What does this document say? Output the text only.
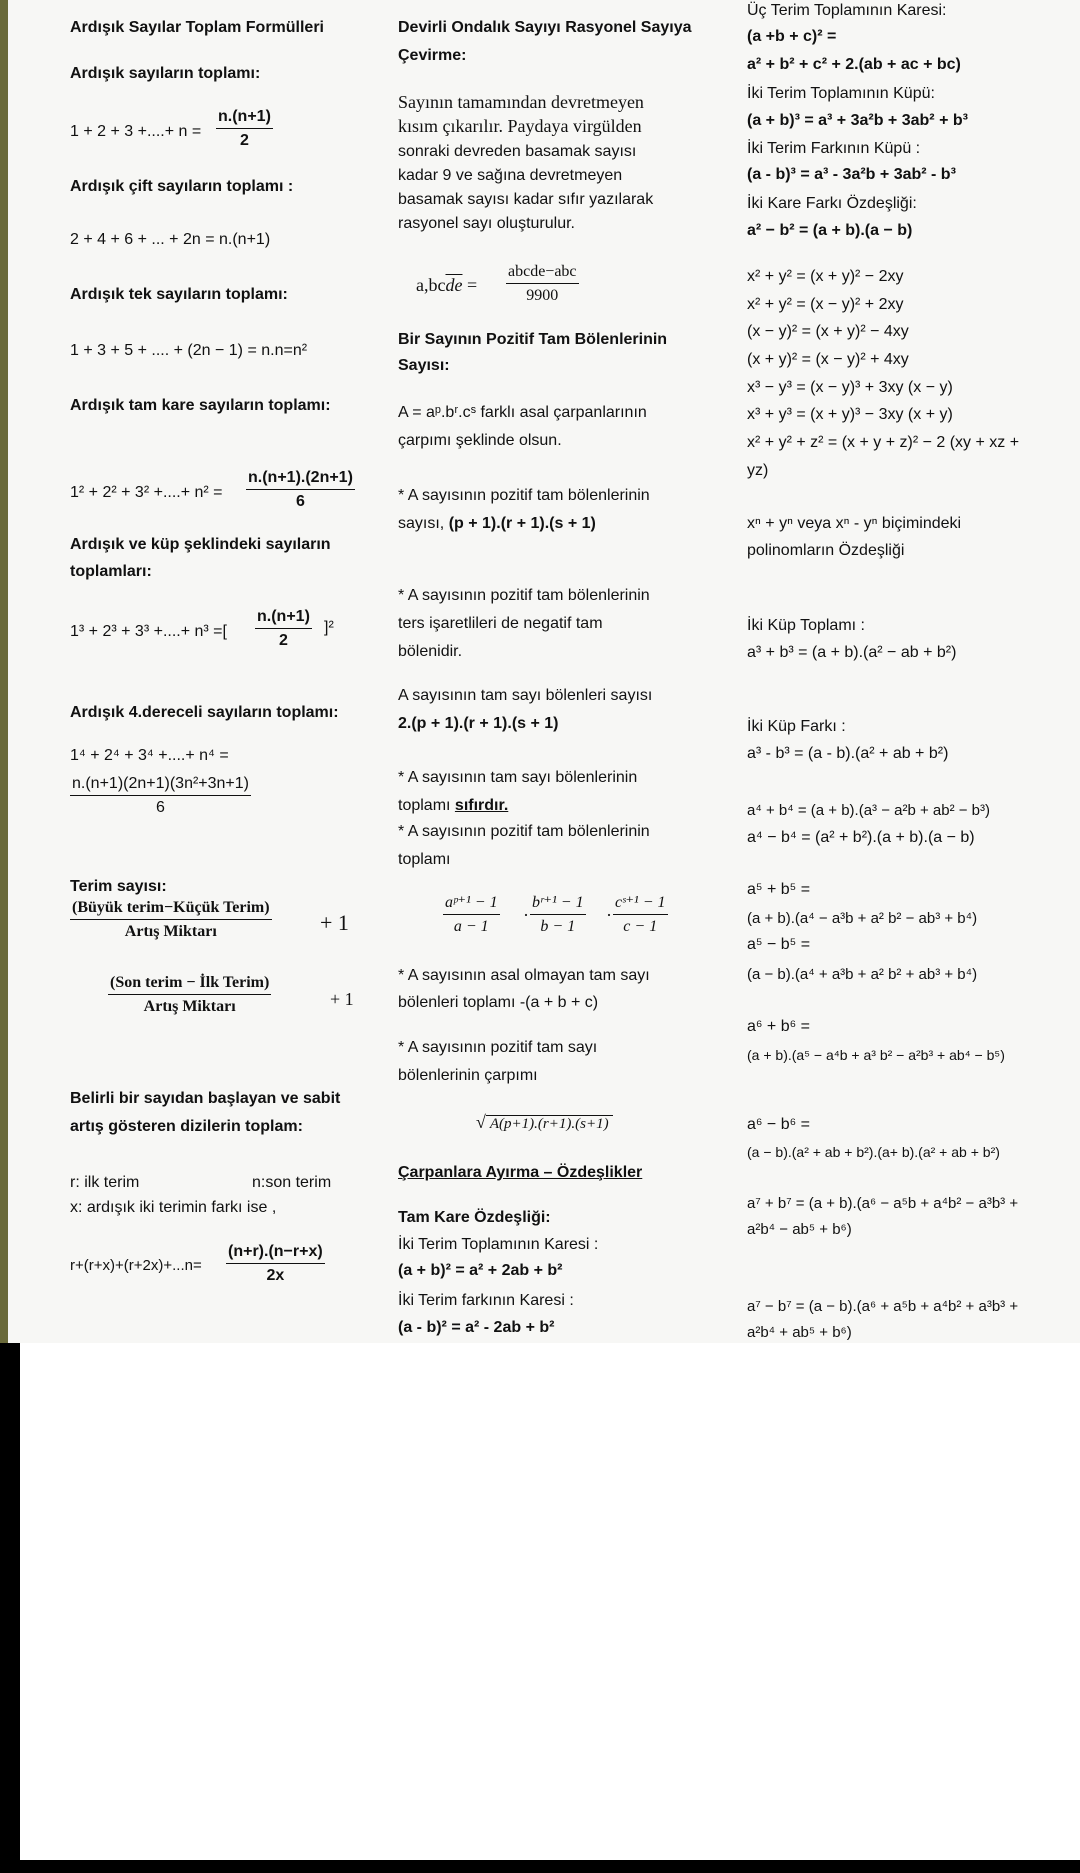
Ardışık Sayılar Toplam Formülleri
Ardışık sayıların toplamı:
1 + 2 + 3 +....+ $n = \frac{n.(n+1)}{2}$
Ardışık çift sayıların toplamı :
2 + 4 + 6 + ... + 2n = n.(n+1)
Ardışık tek sayıların toplamı:
1 + 3 + 5 + .... + (2n − 1) = n.n=n²
Ardışık tam kare sayıların toplamı:
1² + 2² + 3² +....+ $n^2 = \frac{n.(n+1).(2n+1)}{6}$
Ardışık ve küp şeklindeki sayıların
toplamları:
1³ + 2³ + 3³ +....+ n³ =[ $\frac{n.(n+1)}{2} ]^2$
Ardışık 4.dereceli sayıların toplamı:
1⁴ + 2⁴ + 3⁴ +....+ n⁴ =
$\frac{\text{n.(n+1)(2n+1)(3n²+3n+1)}}{6}$
Terim sayısı:
(Büyük terim−Küçük Terim)
Artış Miktarı	+ 1
(Son terim − İlk Terim)
Artış Miktarı	+ 1
Belirli bir sayıdan başlayan ve sabit
artış gösteren dizilerin toplam:
r: ilk terim	n:son terim
x: ardışık iki terimin farkı ise ,
$r+(r+x)+(r+2x)+...n= \frac{(n+r).(n-r+x)}{2x}$
Devirli Ondalık Sayıyı Rasyonel Sayıya
Çevirme:
Sayının tamamından devretmeyen
kısım çıkarılır. Paydaya virgülden
sonraki devreden basamak sayısı
kadar 9 ve sağına devretmeyen
basamak sayısı kadar sıfır yazılarak
rasyonel sayı oluşturulur.
$a,bc\overline{de}$ =
abcde−abc
9900
Bir Sayının Pozitif Tam Bölenlerinin
Sayısı:
A = aᵖ.bʳ.cˢ farklı asal çarpanlarının
çarpımı şeklinde olsun.
* A sayısının pozitif tam bölenlerinin
sayısı, (p + 1).(r + 1).(s + 1)
* A sayısının pozitif tam bölenlerinin
ters işaretlileri de negatif tam
bölenidir.
A sayısının tam sayı bölenleri sayısı
2.(p + 1).(r + 1).(s + 1)
* A sayısının tam sayı bölenlerinin
toplamı sıfırdır.
* A sayısının pozitif tam bölenlerinin
toplamı
$\frac{\text{aᵖ⁺¹ − 1}}{a - 1} \cdot \frac{\text{bʳ⁺¹ − 1}}{b - 1} \cdot \frac{\text{cˢ⁺¹ − 1}}{c - 1}$
* A sayısının asal olmayan tam sayı
bölenleri toplamı -(a + b + c)
* A sayısının pozitif tam sayı
bölenlerinin çarpımı
√ A(p+1).(r+1).(s+1)
Çarpanlara Ayırma – Özdeşlikler
Tam Kare Özdeşliği:
İki Terim Toplamının Karesi :
(a + b)² = a² + 2ab + b²
İki Terim farkının Karesi :
(a - b)² = a² - 2ab + b²
Üç Terim Toplamının Karesi:
(a +b + c)² =
a² + b² + c² + 2.(ab + ac + bc)
İki Terim Toplamının Küpü:
(a + b)³ = a³ + 3a²b + 3ab² + b³
İki Terim Farkının Küpü :
(a - b)³ = a³ - 3a²b + 3ab² - b³
İki Kare Farkı Özdeşliği:
a² − b² = (a + b).(a − b)
x² + y² = (x + y)² − 2xy
x² + y² = (x − y)² + 2xy
(x − y)² = (x + y)² − 4xy
(x + y)² = (x − y)² + 4xy
x³ − y³ = (x − y)³ + 3xy (x − y)
x³ + y³ = (x + y)³ − 3xy (x + y)
x² + y² + z² = (x + y + z)² − 2 (xy + xz +
yz)
xⁿ + yⁿ veya xⁿ - yⁿ biçimindeki
polinomların Özdeşliği
İki Küp Toplamı :
a³ + b³ = (a + b).(a² − ab + b²)
İki Küp Farkı :
a³ - b³ = (a - b).(a² + ab + b²)
a⁴ + b⁴ = (a + b).(a³ − a²b + ab² − b³)
a⁴ − b⁴ = (a² + b²).(a + b).(a − b)
a⁵ + b⁵ =
(a + b).(a⁴ − a³b + a² b² − ab³ + b⁴)
a⁵ − b⁵ =
(a − b).(a⁴ + a³b + a² b² + ab³ + b⁴)
a⁶ + b⁶ =
(a + b).(a⁵ − a⁴b + a³ b² − a²b³ + ab⁴ − b⁵)
a⁶ − b⁶ =
(a − b).(a² + ab + b²).(a+ b).(a² + ab + b²)
a⁷ + b⁷ = (a + b).(a⁶ − a⁵b + a⁴b² − a³b³ +
a²b⁴ − ab⁵ + b⁶)
a⁷ − b⁷ = (a − b).(a⁶ + a⁵b + a⁴b² + a³b³ +
a²b⁴ + ab⁵ + b⁶)
